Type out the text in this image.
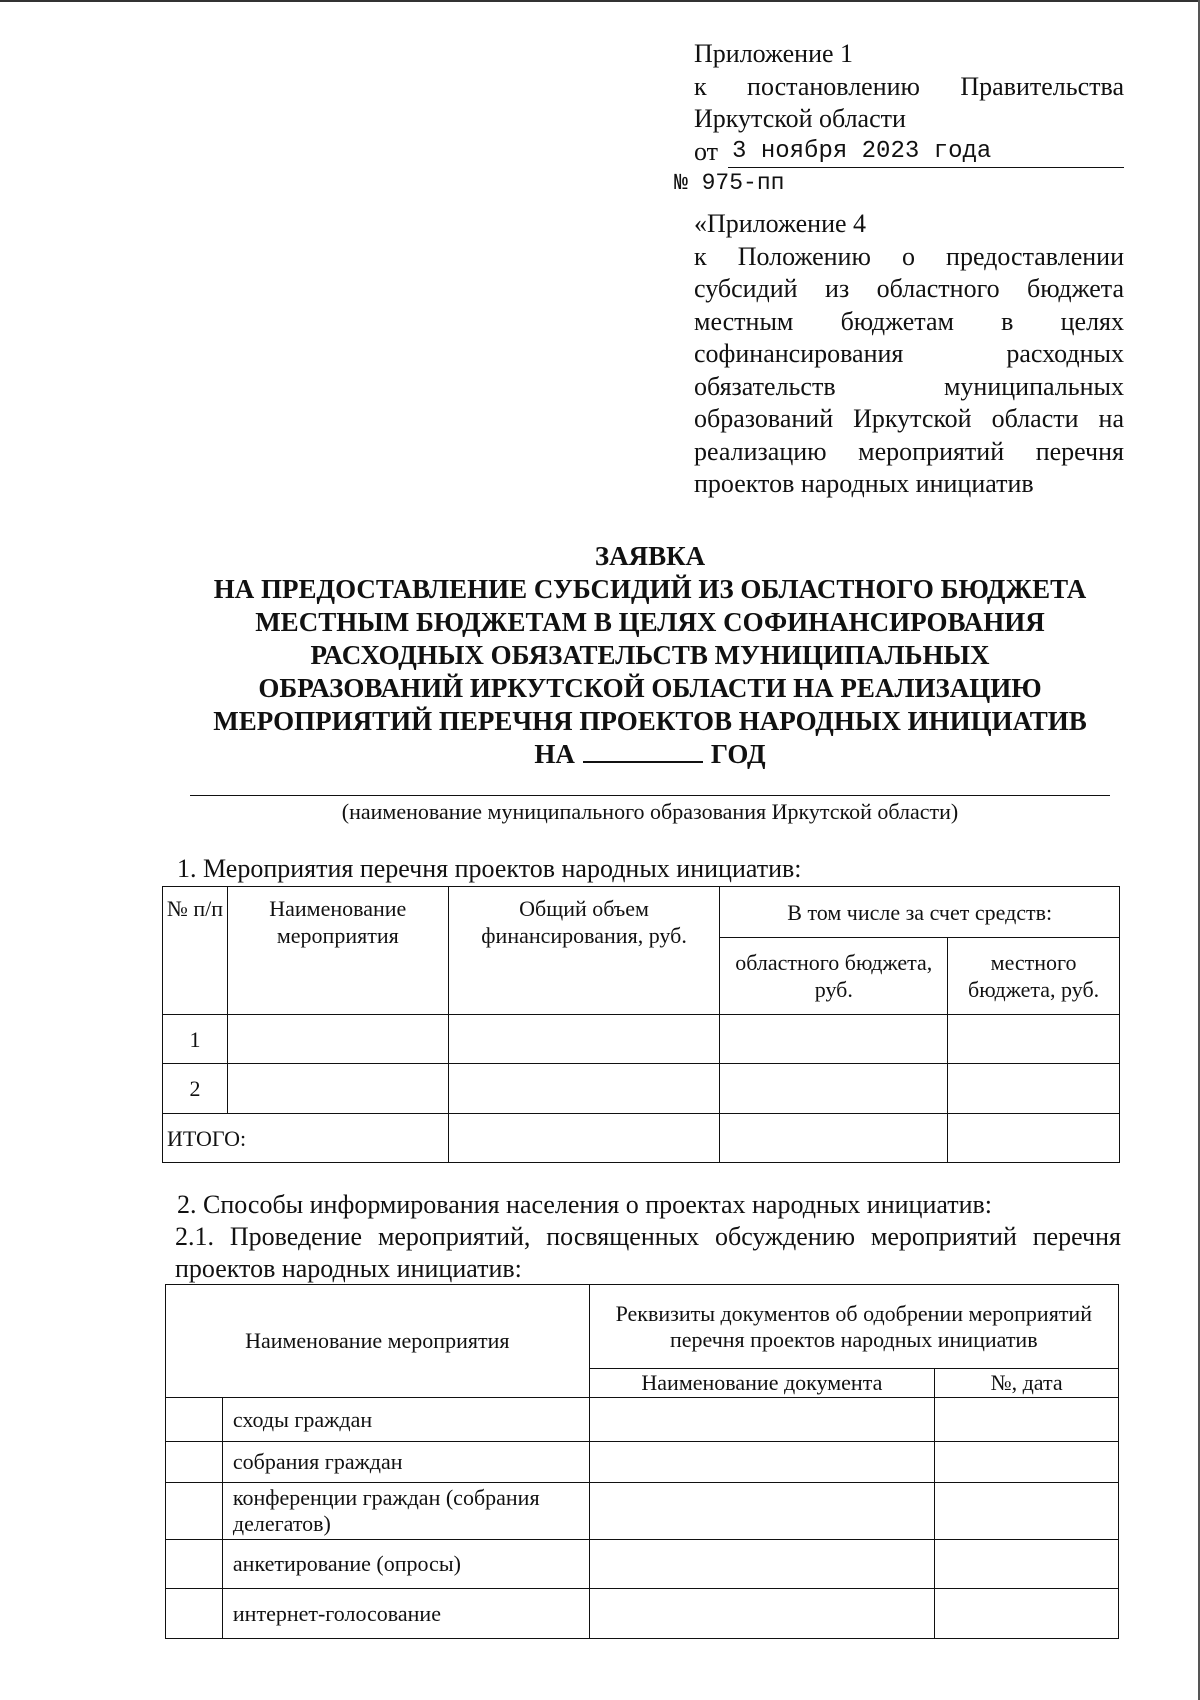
Приложение 1
к постановлению Правительства
Иркутской области
от 3 ноября 2023 года
№ 975-пп
«Приложение 4
к Положению о предоставлении
субсидий из областного бюджета
местным бюджетам в целях
софинансирования расходных
обязательств муниципальных
образований Иркутской области на
реализацию мероприятий перечня
проектов народных инициатив
ЗАЯВКА
НА ПРЕДОСТАВЛЕНИЕ СУБСИДИЙ ИЗ ОБЛАСТНОГО БЮДЖЕТА
МЕСТНЫМ БЮДЖЕТАМ В ЦЕЛЯХ СОФИНАНСИРОВАНИЯ
РАСХОДНЫХ ОБЯЗАТЕЛЬСТВ МУНИЦИПАЛЬНЫХ
ОБРАЗОВАНИЙ ИРКУТСКОЙ ОБЛАСТИ НА РЕАЛИЗАЦИЮ
МЕРОПРИЯТИЙ ПЕРЕЧНЯ ПРОЕКТОВ НАРОДНЫХ ИНИЦИАТИВ
НА	ГОД
(наименование муниципального образования Иркутской области)
1. Мероприятия перечня проектов народных инициатив:
№ п/п	Наименование мероприятия	Общий объем финансирования, руб.	В том числе за счет средств:	
			областного бюджета, руб.	местного бюджета, руб.
1				
2				
ИТОГО:				
2. Способы информирования населения о проектах народных инициатив:
2.1. Проведение мероприятий, посвященных обсуждению мероприятий перечня проектов народных инициатив:
Наименование мероприятия		Реквизиты документов об одобрении мероприятий перечня проектов народных инициатив	
		Наименование документа	№, дата
	сходы граждан		
	собрания граждан		
	конференции граждан (собрания делегатов)		
	анкетирование (опросы)		
	интернет-голосование		
